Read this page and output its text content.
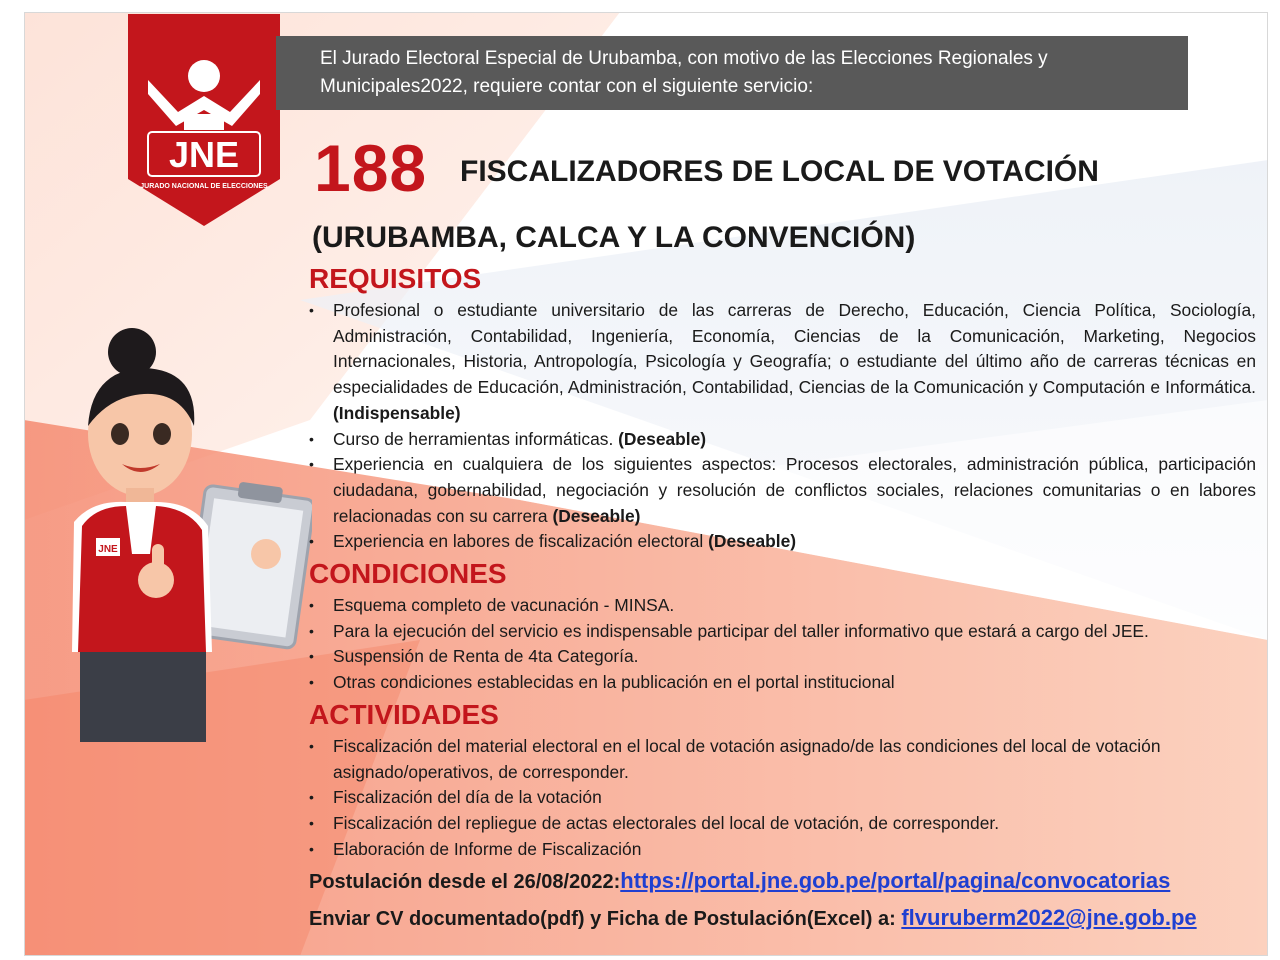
JNE
JURADO NACIONAL DE ELECCIONES
El Jurado Electoral Especial de Urubamba, con motivo de las Elecciones Regionales y Municipales2022, requiere contar con el siguiente servicio:
188 FISCALIZADORES DE LOCAL DE VOTACIÓN
(URUBAMBA, CALCA Y LA CONVENCIÓN)
JNE
REQUISITOS
• Profesional o estudiante universitario de las carreras de Derecho, Educación, Ciencia Política, Sociología, Administración, Contabilidad, Ingeniería, Economía, Ciencias de la Comunicación, Marketing, Negocios Internacionales, Historia, Antropología, Psicología y Geografía; o estudiante del último año de carreras técnicas en especialidades de Educación, Administración, Contabilidad, Ciencias de la Comunicación y Computación e Informática. (Indispensable)
• Curso de herramientas informáticas. (Deseable)
• Experiencia en cualquiera de los siguientes aspectos: Procesos electorales, administración pública, participación ciudadana, gobernabilidad, negociación y resolución de conflictos sociales, relaciones comunitarias o en labores relacionadas con su carrera (Deseable)
• Experiencia en labores de fiscalización electoral (Deseable)
CONDICIONES
• Esquema completo de vacunación - MINSA.
• Para la ejecución del servicio es indispensable participar del taller informativo que estará a cargo del JEE.
• Suspensión de Renta de 4ta Categoría.
• Otras condiciones establecidas en la publicación en el portal institucional
ACTIVIDADES
• Fiscalización del material electoral en el local de votación asignado/de las condiciones del local de votación asignado/operativos, de corresponder.
• Fiscalización del día de la votación
• Fiscalización del repliegue de actas electorales del local de votación, de corresponder.
• Elaboración de Informe de Fiscalización
Postulación desde el 26/08/2022:https://portal.jne.gob.pe/portal/pagina/convocatorias
Enviar CV documentado(pdf) y Ficha de Postulación(Excel) a: flvuruberm2022@jne.gob.pe
